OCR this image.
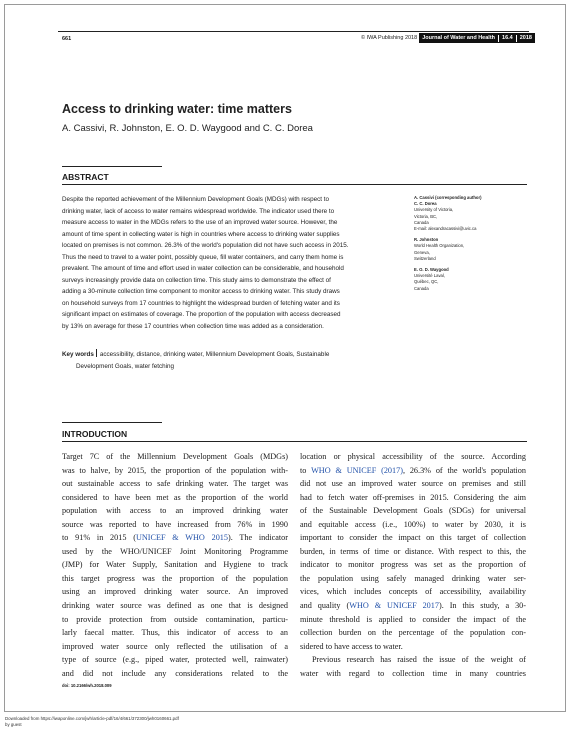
661	© IWA Publishing 2018 Journal of Water and Health 16.4 2018
Access to drinking water: time matters
A. Cassivi, R. Johnston, E. O. D. Waygood and C. C. Dorea
ABSTRACT
Despite the reported achievement of the Millennium Development Goals (MDGs) with respect to
drinking water, lack of access to water remains widespread worldwide. The indicator used there to
measure access to water in the MDGs refers to the use of an improved water source. However, the
amount of time spent in collecting water is high in countries where access to drinking water supplies
located on premises is not common. 26.3% of the world's population did not have such access in 2015.
Thus the need to travel to a water point, possibly queue, fill water containers, and carry them home is
prevalent. The amount of time and effort used in water collection can be considerable, and household
surveys increasingly provide data on collection time. This study aims to demonstrate the effect of
adding a 30-minute collection time component to monitor access to drinking water. This study draws
on household surveys from 17 countries to highlight the widespread burden of fetching water and its
significant impact on estimates of coverage. The proportion of the population with access decreased
by 13% on average for these 17 countries when collection time was added as a consideration.
Key words accessibility, distance, drinking water, Millennium Development Goals, Sustainable
Development Goals, water fetching
A. Cassivi (corresponding author)
C. C. Dorea
University of Victoria,
Victoria, BC,
Canada
E-mail: alexandracassivi@uvic.ca
R. Johnston
World Health Organization,
Geneva,
Switzerland
E. O. D. Waygood
Université Laval,
Québec, QC,
Canada
INTRODUCTION
Target 7C of the Millennium Development Goals (MDGs)
was to halve, by 2015, the proportion of the population with-
out sustainable access to safe drinking water. The target was
considered to have been met as the proportion of the world
population with access to an improved drinking water
source was reported to have increased from 76% in 1990
to 91% in 2015 (UNICEF & WHO 2015). The indicator
used by the WHO/UNICEF Joint Monitoring Programme
(JMP) for Water Supply, Sanitation and Hygiene to track
this target progress was the proportion of the population
using an improved drinking water source. An improved
drinking water source was defined as one that is designed
to provide protection from outside contamination, particu-
larly faecal matter. Thus, this indicator of access to an
improved water source only reflected the utilisation of a
type of source (e.g., piped water, protected well, rainwater)
and did not include any considerations related to the
location or physical accessibility of the source. According
to WHO & UNICEF (2017), 26.3% of the world's population
did not use an improved water source on premises and still
had to fetch water off-premises in 2015. Considering the aim
of the Sustainable Development Goals (SDGs) for universal
and equitable access (i.e., 100%) to water by 2030, it is
important to consider the impact on this target of collection
burden, in terms of time or distance. With respect to this, the
indicator to monitor progress was set as the proportion of
the population using safely managed drinking water ser-
vices, which includes concepts of accessibility, availability
and quality (WHO & UNICEF 2017). In this study, a 30-
minute threshold is applied to consider the impact of the
collection burden on the percentage of the population con-
sidered to have access to water.
Previous research has raised the issue of the weight of
water with regard to collection time in many countries
doi: 10.2166/wh.2018.009
Downloaded from https://iwaponline.com/jwh/article-pdf/16/4/661/372300/jwh0160661.pdf
by guest
